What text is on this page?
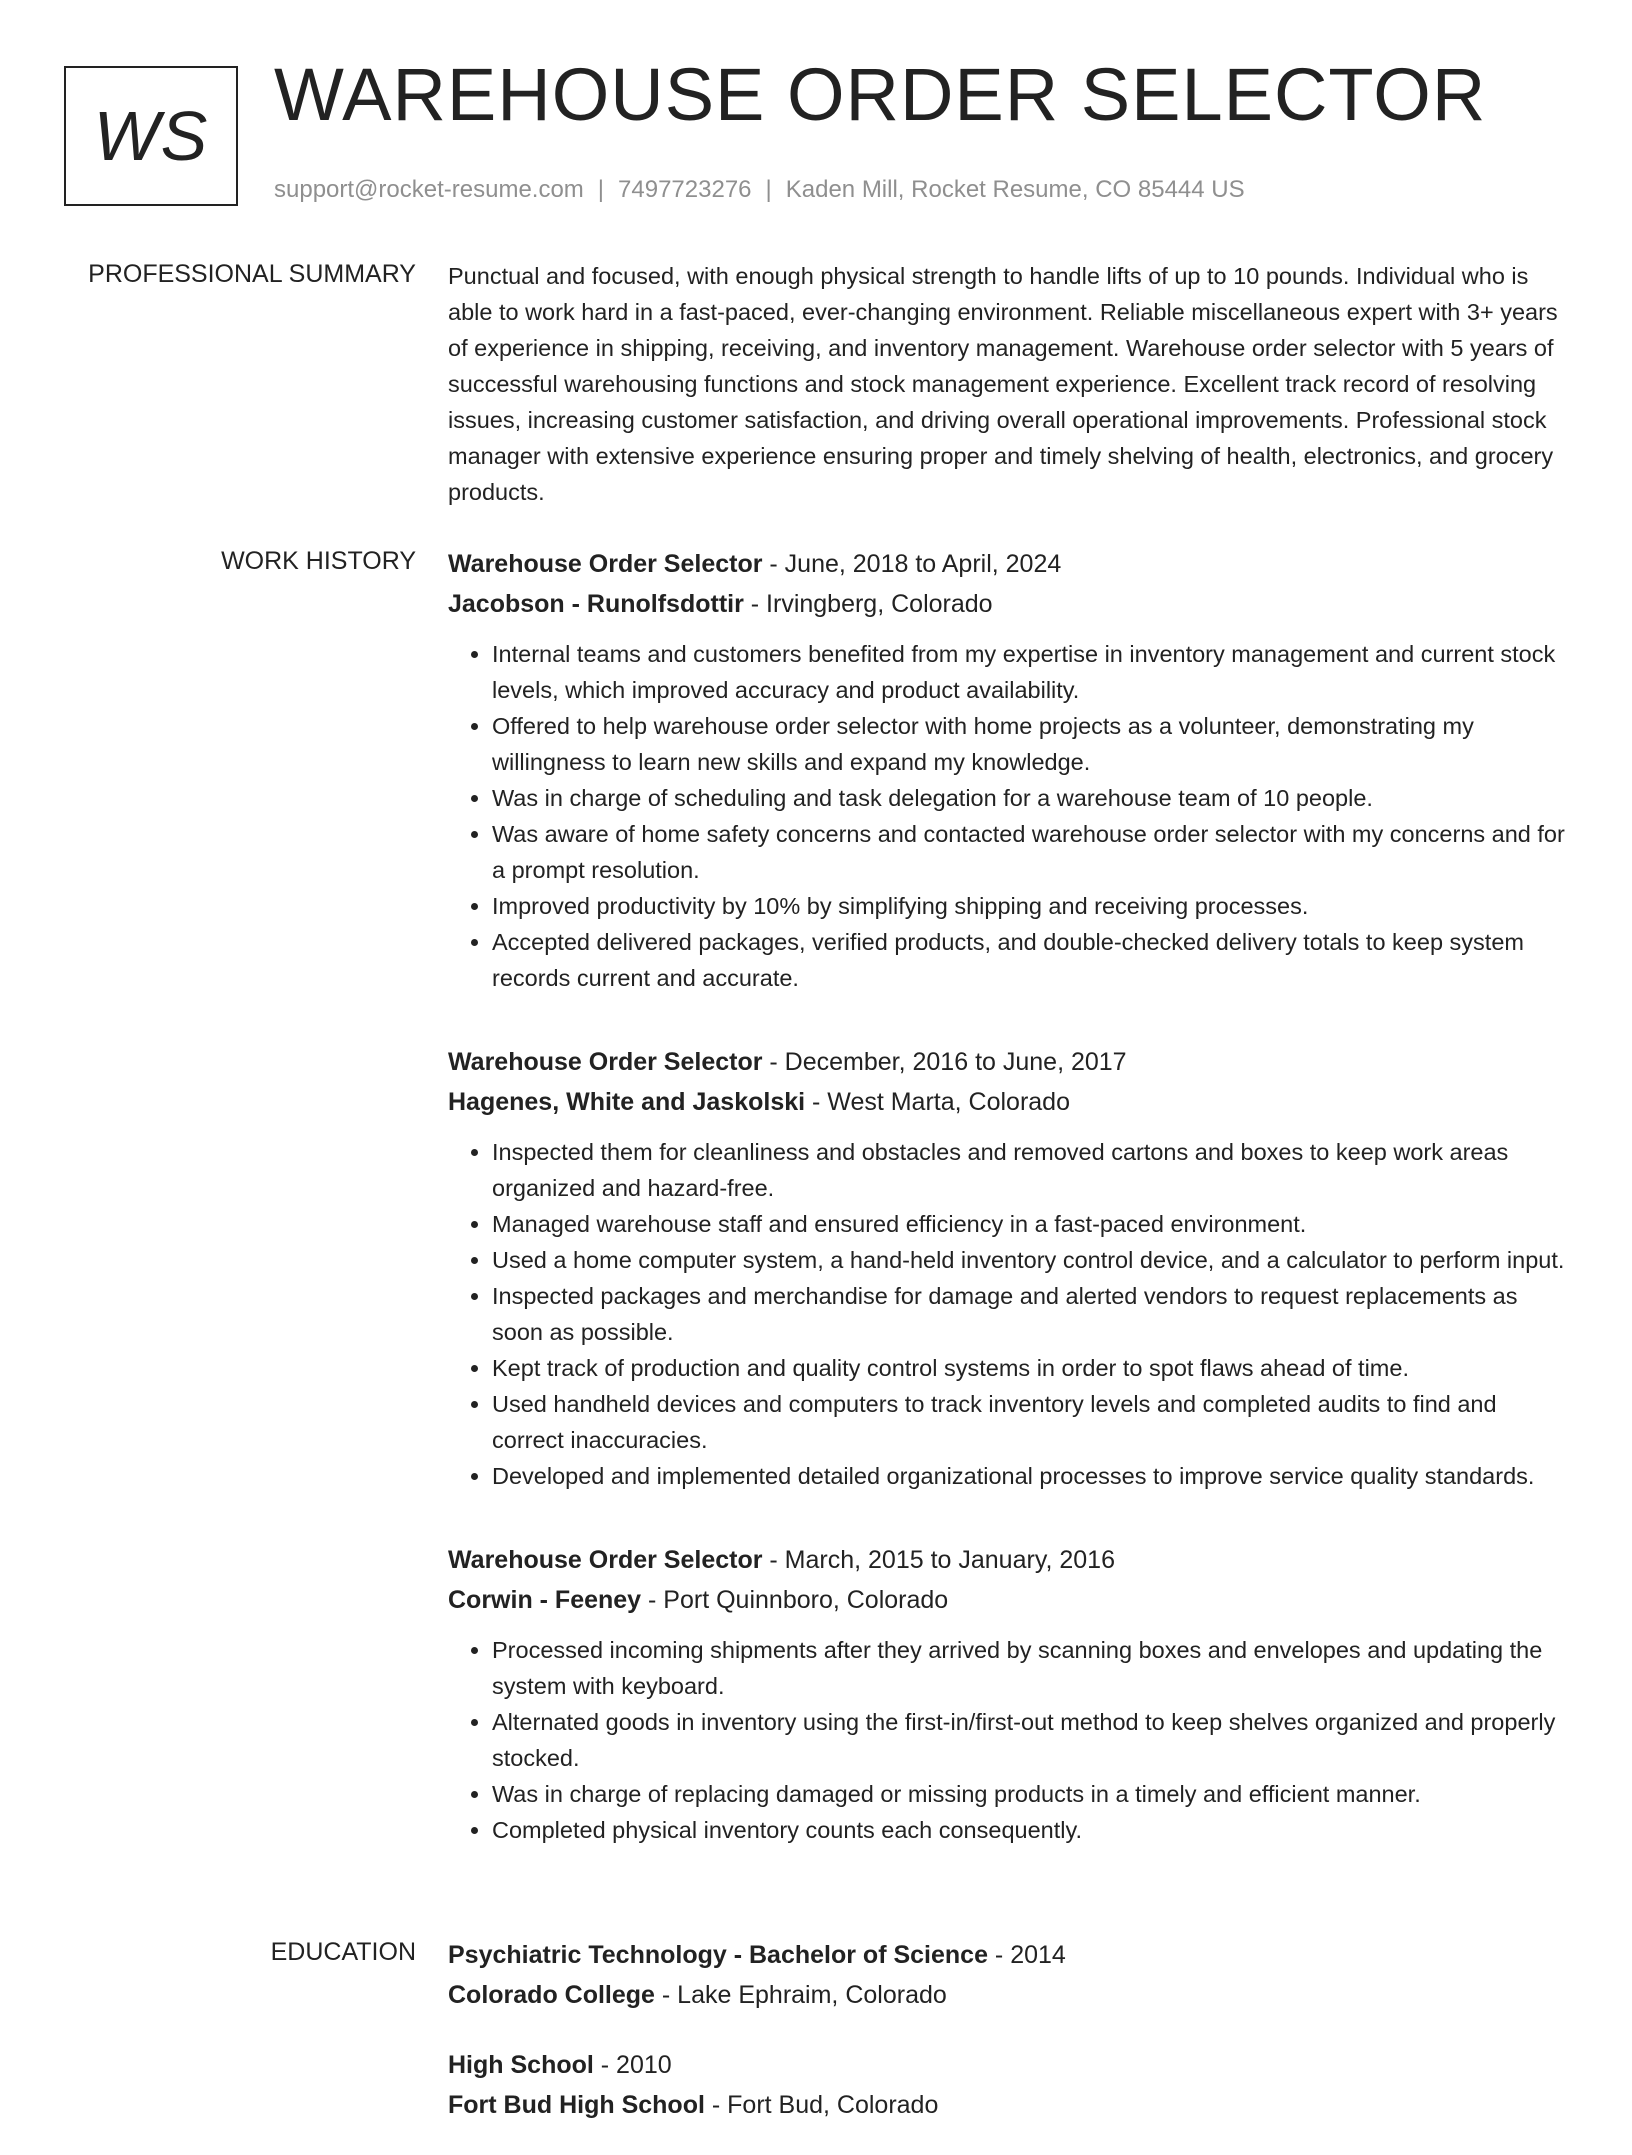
WS WAREHOUSE ORDER SELECTOR
support@rocket-resume.com | 7497723276 | Kaden Mill, Rocket Resume, CO 85444 US
PROFESSIONAL SUMMARY Punctual and focused, with enough physical strength to handle lifts of up to 10 pounds. Individual who is able to work hard in a fast-paced, ever-changing environment. Reliable miscellaneous expert with 3+ years of experience in shipping, receiving, and inventory management. Warehouse order selector with 5 years of successful warehousing functions and stock management experience. Excellent track record of resolving issues, increasing customer satisfaction, and driving overall operational improvements. Professional stock manager with extensive experience ensuring proper and timely shelving of health, electronics, and grocery products.

WORK HISTORY Warehouse Order Selector - June, 2018 to April, 2024
Jacobson - Runolfsdottir - Irvingberg, Colorado
• Internal teams and customers benefited from my expertise in inventory management and current stock levels, which improved accuracy and product availability.
• Offered to help warehouse order selector with home projects as a volunteer, demonstrating my willingness to learn new skills and expand my knowledge.
• Was in charge of scheduling and task delegation for a warehouse team of 10 people.
• Was aware of home safety concerns and contacted warehouse order selector with my concerns and for a prompt resolution.
• Improved productivity by 10% by simplifying shipping and receiving processes.
• Accepted delivered packages, verified products, and double-checked delivery totals to keep system records current and accurate.
Warehouse Order Selector - December, 2016 to June, 2017
Hagenes, White and Jaskolski - West Marta, Colorado
• Inspected them for cleanliness and obstacles and removed cartons and boxes to keep work areas organized and hazard-free.
• Managed warehouse staff and ensured efficiency in a fast-paced environment.
• Used a home computer system, a hand-held inventory control device, and a calculator to perform input.
• Inspected packages and merchandise for damage and alerted vendors to request replacements as soon as possible.
• Kept track of production and quality control systems in order to spot flaws ahead of time.
• Used handheld devices and computers to track inventory levels and completed audits to find and correct inaccuracies.
• Developed and implemented detailed organizational processes to improve service quality standards.
Warehouse Order Selector - March, 2015 to January, 2016
Corwin - Feeney - Port Quinnboro, Colorado
• Processed incoming shipments after they arrived by scanning boxes and envelopes and updating the system with keyboard.
• Alternated goods in inventory using the first-in/first-out method to keep shelves organized and properly stocked.
• Was in charge of replacing damaged or missing products in a timely and efficient manner.
• Completed physical inventory counts each consequently.
EDUCATION Psychiatric Technology - Bachelor of Science - 2014
Colorado College - Lake Ephraim, Colorado
High School - 2010
Fort Bud High School - Fort Bud, Colorado
